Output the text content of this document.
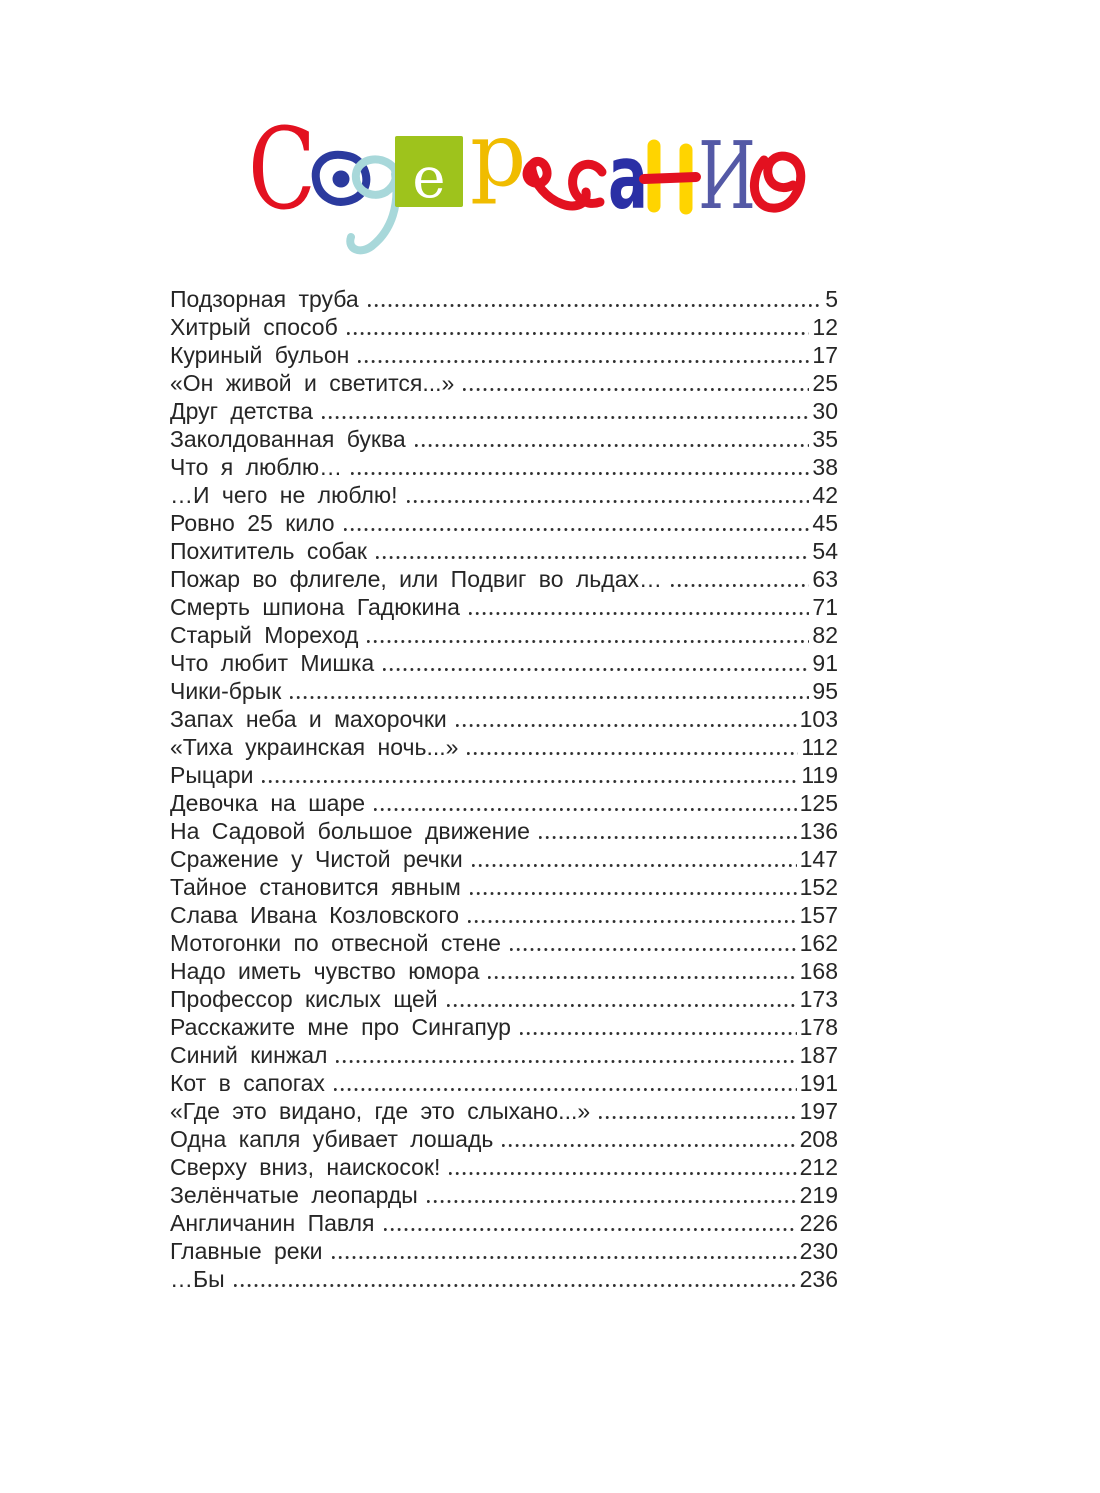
С е р а И
Подзорная труба	5
Хитрый способ	12
Куриный бульон	17
«Он живой и светится...»	25
Друг детства	30
Заколдованная буква	35
Что я люблю…	38
…И чего не люблю!	42
Ровно 25 кило	45
Похититель собак	54
Пожар во флигеле, или Подвиг во льдах…	63
Смерть шпиона Гадюкина	71
Старый Мореход	82
Что любит Мишка	91
Чики-брык	95
Запах неба и махорочки	103
«Тиха украинская ночь...»	112
Рыцари	119
Девочка на шаре	125
На Садовой большое движение	136
Сражение у Чистой речки	147
Тайное становится явным	152
Слава Ивана Козловского	157
Мотогонки по отвесной стене	162
Надо иметь чувство юмора	168
Профессор кислых щей	173
Расскажите мне про Сингапур	178
Синий кинжал	187
Кот в сапогах	191
«Где это видано, где это слыхано...»	197
Одна капля убивает лошадь	208
Сверху вниз, наискосок!	212
Зелёнчатые леопарды	219
Англичанин Павля	226
Главные реки	230
…Бы	236
